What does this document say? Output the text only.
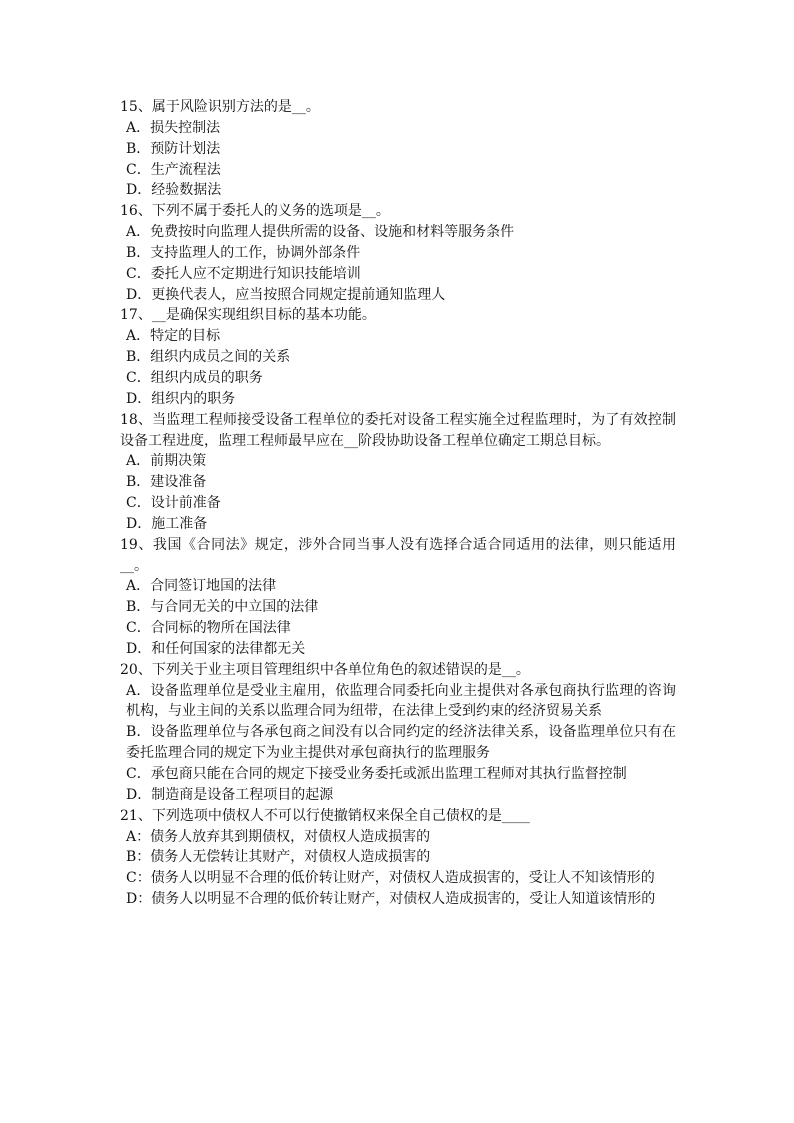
15、属于风险识别方法的是__。

A．损失控制法

B．预防计划法

C．生产流程法

D．经验数据法

16、下列不属于委托人的义务的选项是__。

A．免费按时向监理人提供所需的设备、设施和材料等服务条件

B．支持监理人的工作，协调外部条件

C．委托人应不定期进行知识技能培训

D．更换代表人，应当按照合同规定提前通知监理人

17、__是确保实现组织目标的基本功能。

A．特定的目标

B．组织内成员之间的关系

C．组织内成员的职务

D．组织内的职务

18、当监理工程师接受设备工程单位的委托对设备工程实施全过程监理时，为了有效控制设备工程进度，监理工程师最早应在__阶段协助设备工程单位确定工期总目标。

A．前期决策

B．建设准备

C．设计前准备

D．施工准备

19、我国《合同法》规定，涉外合同当事人没有选择合适合同适用的法律，则只能适用__。

A．合同签订地国的法律

B．与合同无关的中立国的法律

C．合同标的物所在国法律

D．和任何国家的法律都无关

20、下列关于业主项目管理组织中各单位角色的叙述错误的是__。

A．设备监理单位是受业主雇用，依监理合同委托向业主提供对各承包商执行监理的咨询机构，与业主间的关系以监理合同为纽带，在法律上受到约束的经济贸易关系

B．设备监理单位与各承包商之间没有以合同约定的经济法律关系，设备监理单位只有在委托监理合同的规定下为业主提供对承包商执行的监理服务

C．承包商只能在合同的规定下接受业务委托或派出监理工程师对其执行监督控制

D．制造商是设备工程项目的起源

21、下列选项中债权人不可以行使撤销权来保全自己债权的是____

A：债务人放弃其到期债权，对债权人造成损害的

B：债务人无偿转让其财产，对债权人造成损害的

C：债务人以明显不合理的低价转让财产，对债权人造成损害的，受让人不知该情形的

D：债务人以明显不合理的低价转让财产，对债权人造成损害的，受让人知道该情形的
